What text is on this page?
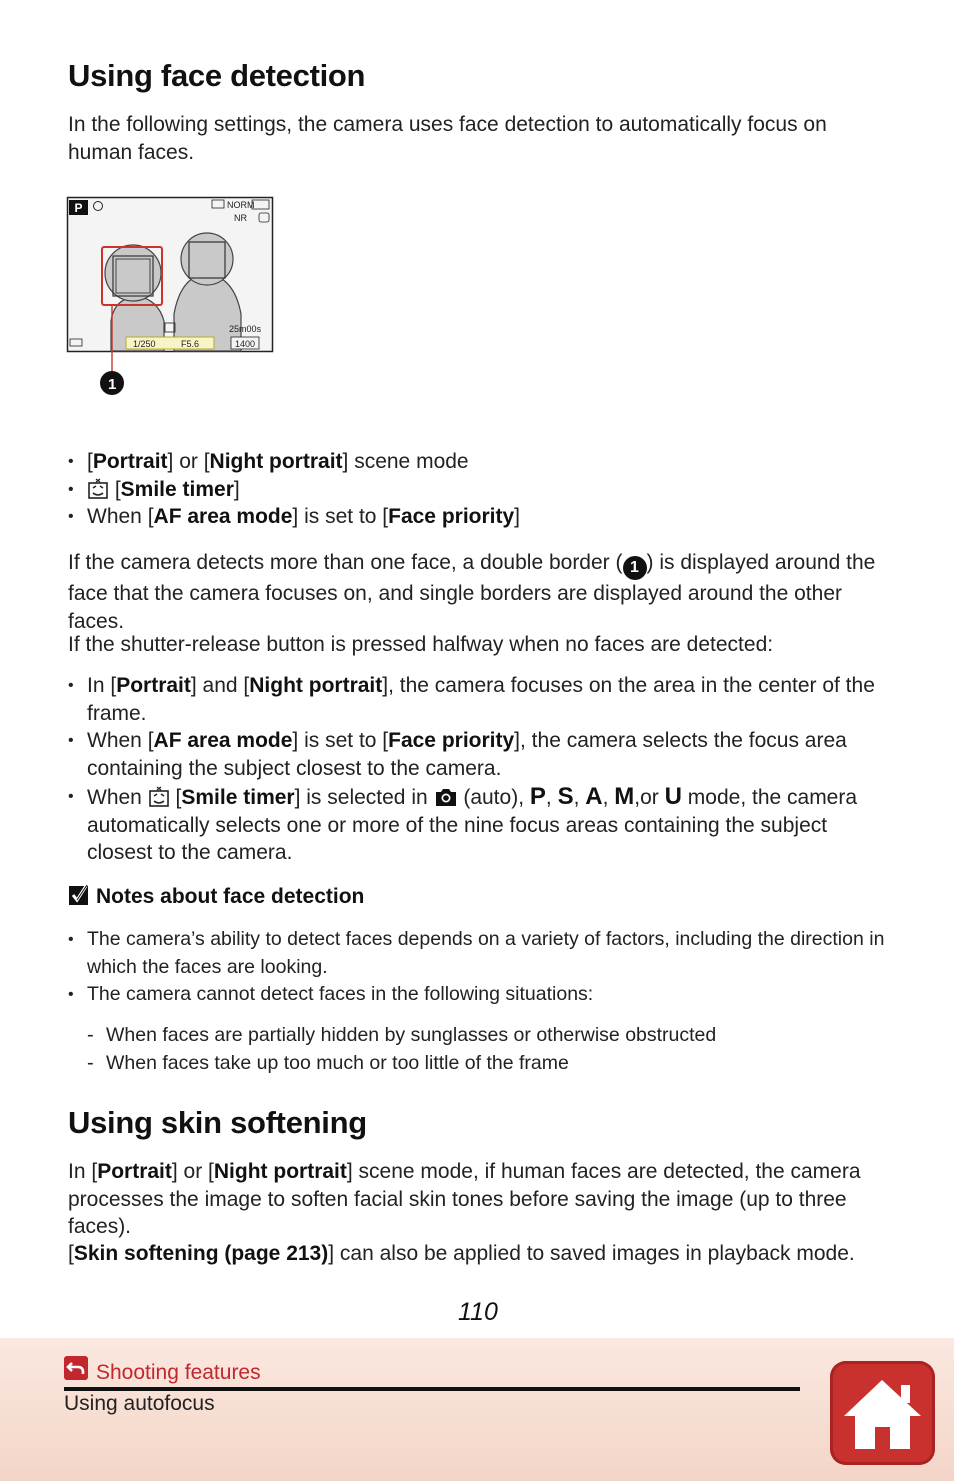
Using face detection

In the following settings, the camera uses face detection to automatically focus on human faces.

P	NORM
NR
25m00s
1/250	F5.6	1400
1
• [Portrait] or [Night portrait] scene mode
• [Smile timer]
• When [AF area mode] is set to [Face priority]

If the camera detects more than one face, a double border ( 1 ) is displayed around the face that the camera focuses on, and single borders are displayed around the other faces.

If the shutter-release button is pressed halfway when no faces are detected:

• In [Portrait] and [Night portrait], the camera focuses on the area in the center of the frame.
• When [AF area mode] is set to [Face priority], the camera selects the focus area containing the subject closest to the camera.
• When  [Smile timer] is selected in  (auto), P, S, A, M,or U mode, the camera automatically selects one or more of the nine focus areas containing the subject closest to the camera.
Notes about face detection
• The camera’s ability to detect faces depends on a variety of factors, including the direction in which the faces are looking.
• The camera cannot detect faces in the following situations:
- When faces are partially hidden by sunglasses or otherwise obstructed
- When faces take up too much or too little of the frame
Using skin softening

In [Portrait] or [Night portrait] scene mode, if human faces are detected, the camera processes the image to soften facial skin tones before saving the image (up to three faces).

[Skin softening (page 213)] can also be applied to saved images in playback mode.

110
Shooting features
Using autofocus
